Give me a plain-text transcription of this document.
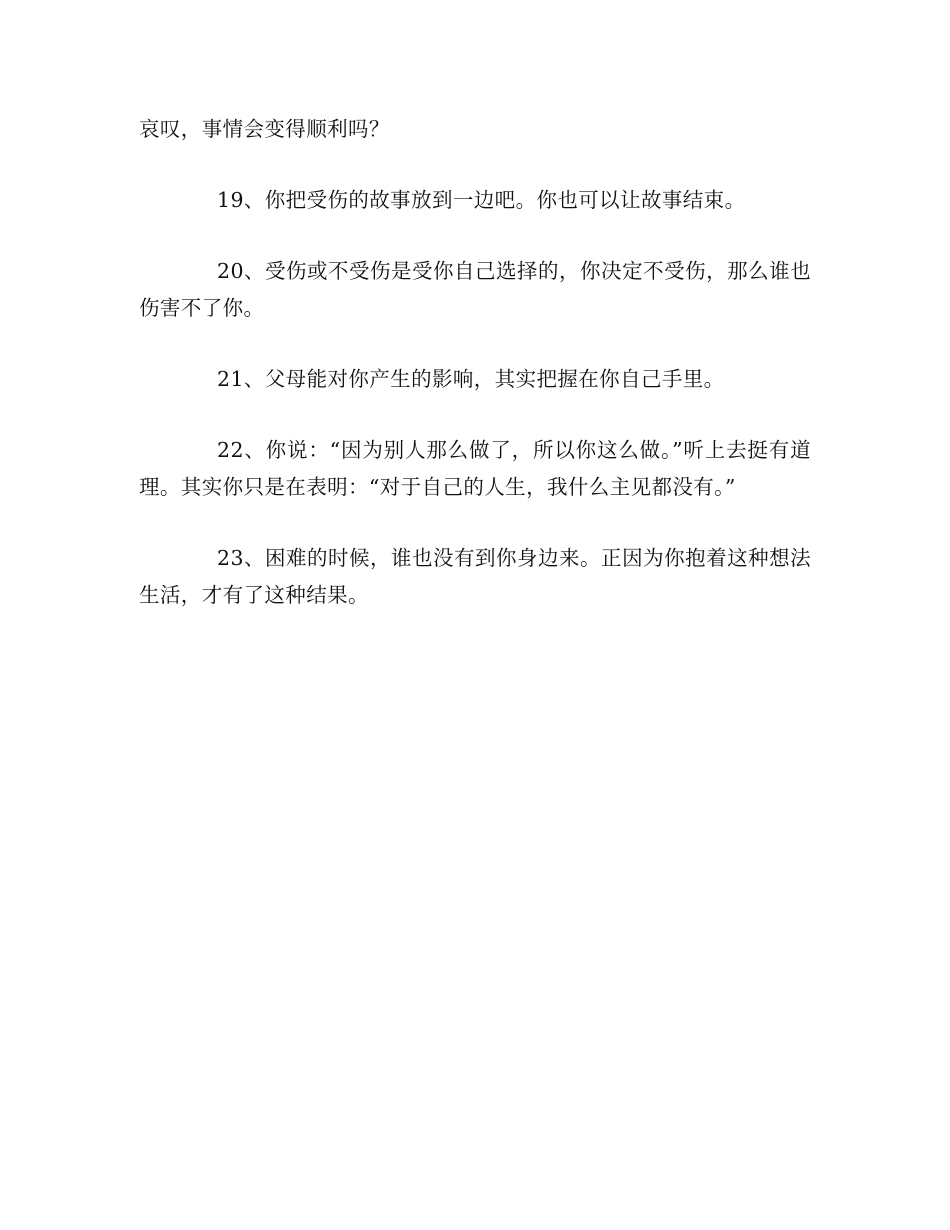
哀叹，事情会变得顺利吗？

19、你把受伤的故事放到一边吧。你也可以让故事结束。

20、受伤或不受伤是受你自己选择的，你决定不受伤，那么谁也伤害不了你。

21、父母能对你产生的影响，其实把握在你自己手里。

22、你说：“因为别人那么做了，所以你这么做。”听上去挺有道理。其实你只是在表明：“对于自己的人生，我什么主见都没有。”

23、困难的时候，谁也没有到你身边来。正因为你抱着这种想法生活，才有了这种结果。
